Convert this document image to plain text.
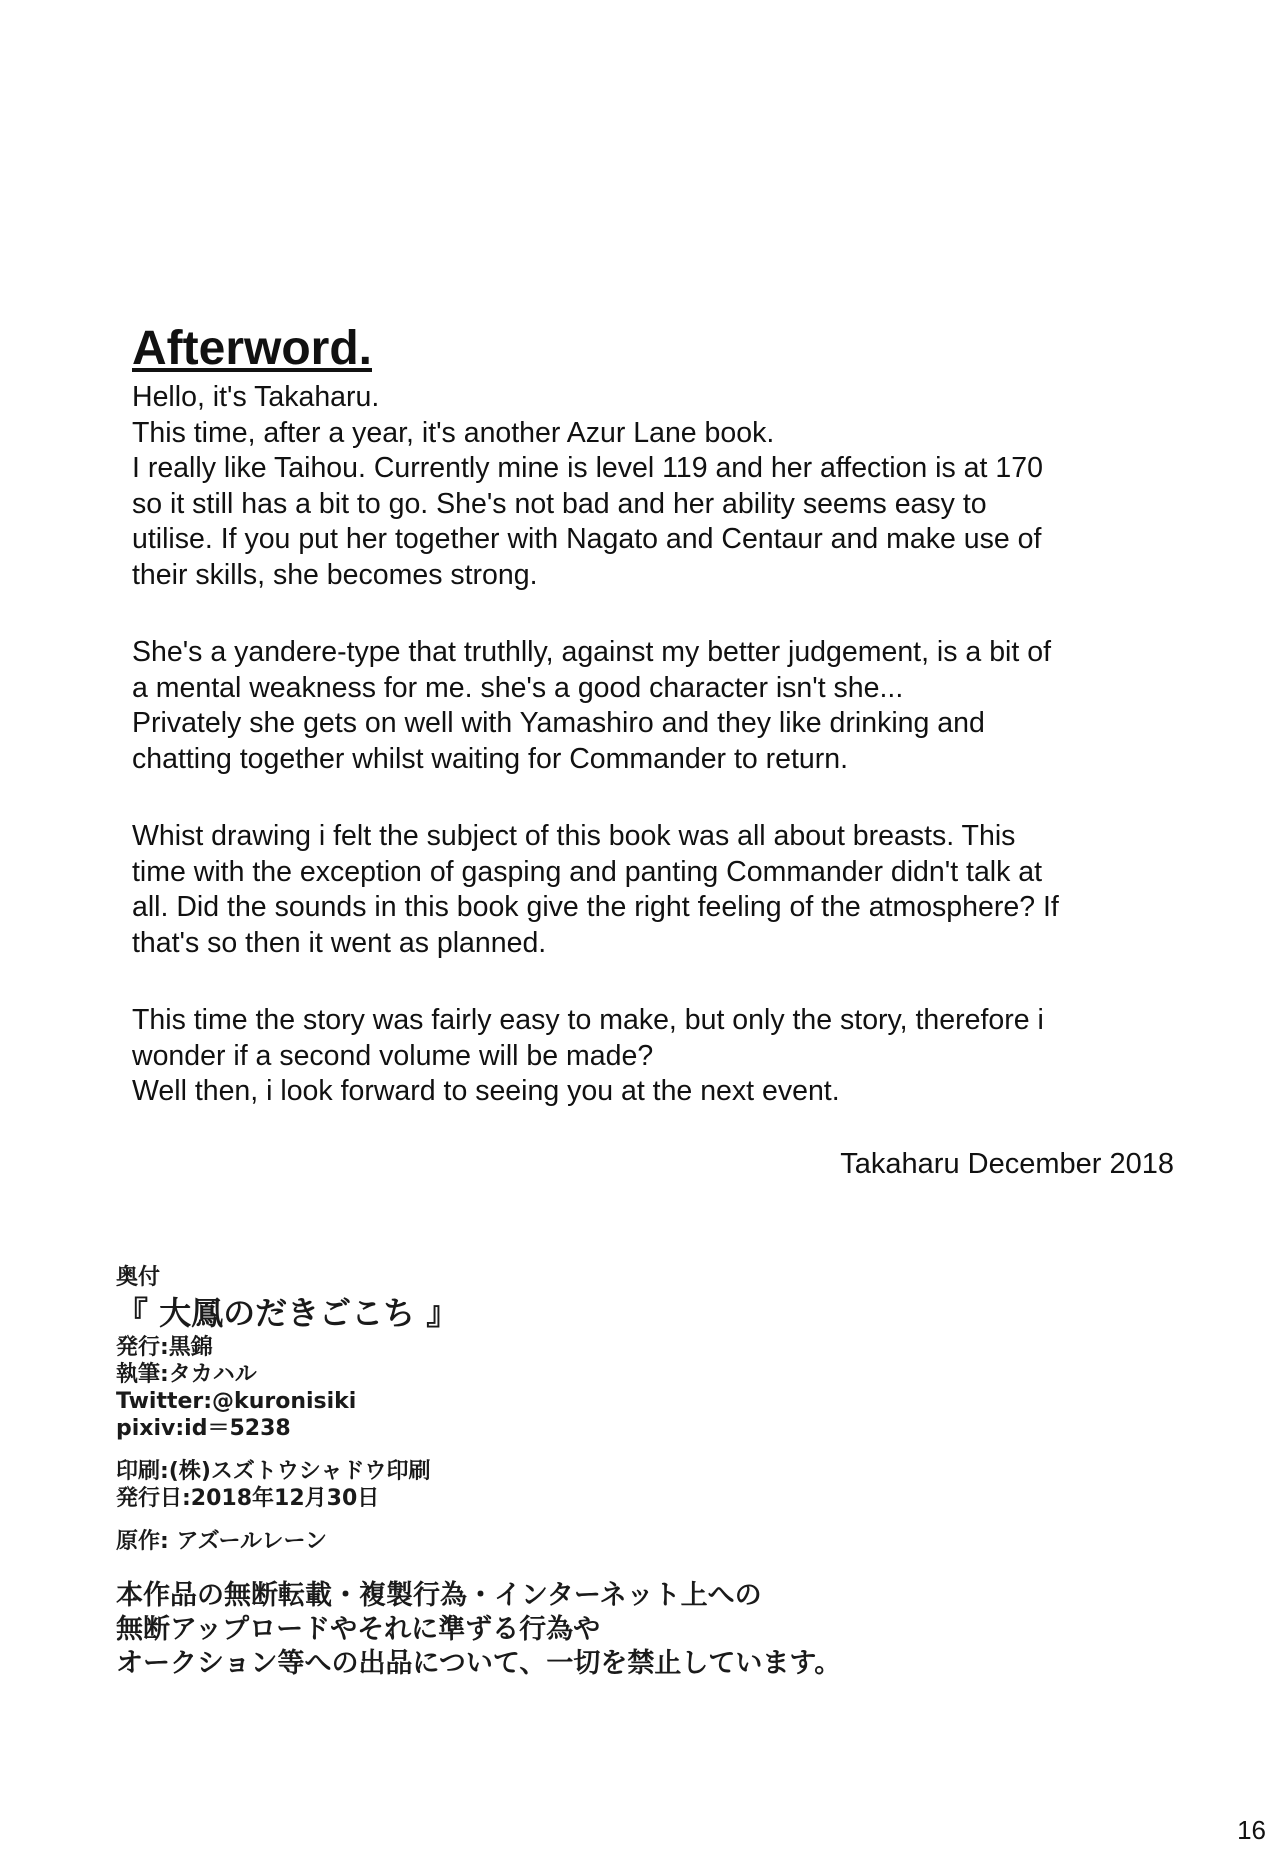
Afterword.

Hello, it's Takaharu.
This time, after a year, it's another Azur Lane book.
I really like Taihou. Currently mine is level 119 and her affection is at 170
so it still has a bit to go. She's not bad and her ability seems easy to
utilise. If you put her together with Nagato and Centaur and make use of
their skills, she becomes strong.

She's a yandere-type that truthlly, against my better judgement, is a bit of
a mental weakness for me. she's a good character isn't she...
Privately she gets on well with Yamashiro and they like drinking and
chatting together whilst waiting for Commander to return.

Whist drawing i felt the subject of this book was all about breasts. This
time with the exception of gasping and panting Commander didn't talk at
all. Did the sounds in this book give the right feeling of the atmosphere? If
that's so then it went as planned.

This time the story was fairly easy to make, but only the story, therefore i
wonder if a second volume will be made?
Well then, i look forward to seeing you at the next event.

Takaharu December 2018
奥付
『 大鳳のだきごこち 』
発行:黒錦
執筆:タカハル
Twitter:@kuronisiki
pixiv:id＝5238
印刷:(株)スズトウシャドウ印刷
発行日:2018年12月30日
原作: アズールレーン
本作品の無断転載・複製行為・インターネット上への
無断アップロードやそれに準ずる行為や
オークション等への出品について、一切を禁止しています。
16
